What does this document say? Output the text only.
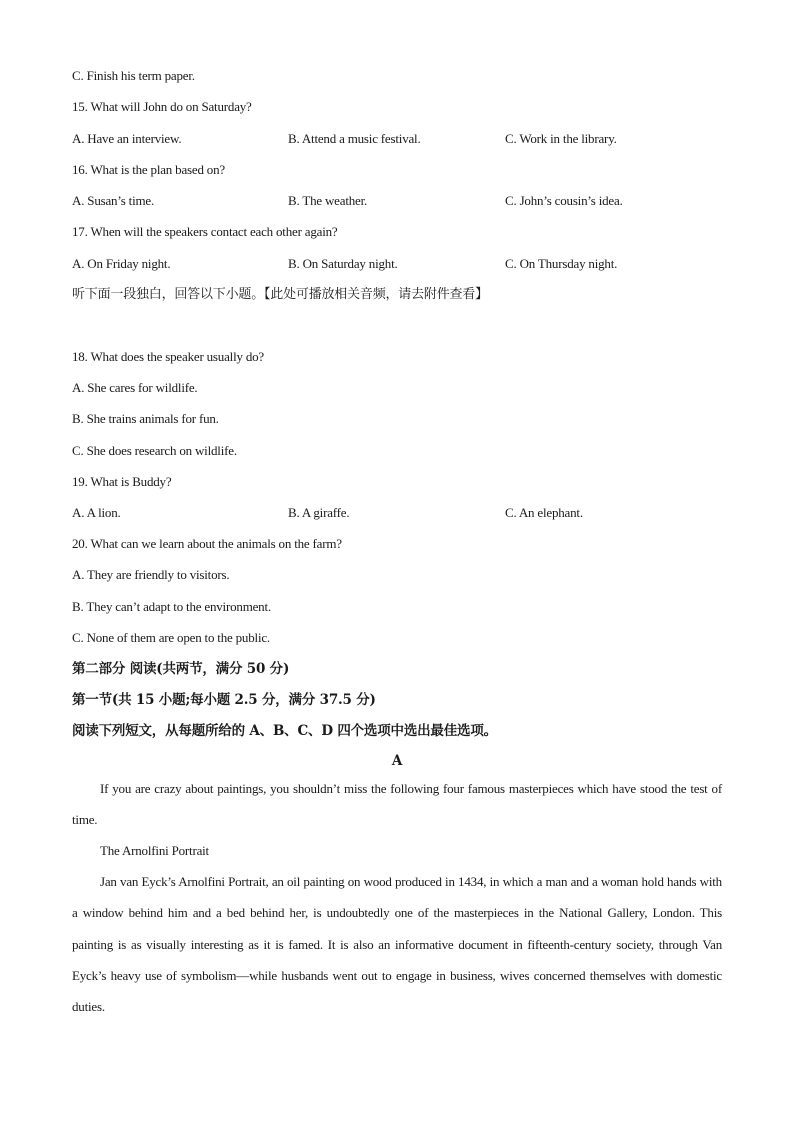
C. Finish his term paper.
15. What will John do on Saturday?
A. Have an interview.	B. Attend a music festival.	C. Work in the library.
16. What is the plan based on?
A. Susan’s time.	B. The weather.	C. John’s cousin’s idea.
17. When will the speakers contact each other again?
A. On Friday night.	B. On Saturday night.	C. On Thursday night.
听下面一段独白，回答以下小题。【此处可播放相关音频，请去附件查看】
18. What does the speaker usually do?
A. She cares for wildlife.
B. She trains animals for fun.
C. She does research on wildlife.
19. What is Buddy?
A. A lion.	B. A giraffe.	C. An elephant.
20. What can we learn about the animals on the farm?
A. They are friendly to visitors.
B. They can’t adapt to the environment.
C. None of them are open to the public.
第二部分 阅读(共两节，满分 50 分)
第一节(共 15 小题;每小题 2.5 分，满分 37.5 分)
阅读下列短文，从每题所给的 A、B、C、D 四个选项中选出最佳选项。
A
If you are crazy about paintings, you shouldn’t miss the following four famous masterpieces which have stood the test of time.
The Arnolfini Portrait
Jan van Eyck’s Arnolfini Portrait, an oil painting on wood produced in 1434, in which a man and a woman hold hands with a window behind him and a bed behind her, is undoubtedly one of the masterpieces in the National Gallery, London. This painting is as visually interesting as it is famed. It is also an informative document in fifteenth-century society, through Van Eyck’s heavy use of symbolism—while husbands went out to engage in business, wives concerned themselves with domestic duties.
